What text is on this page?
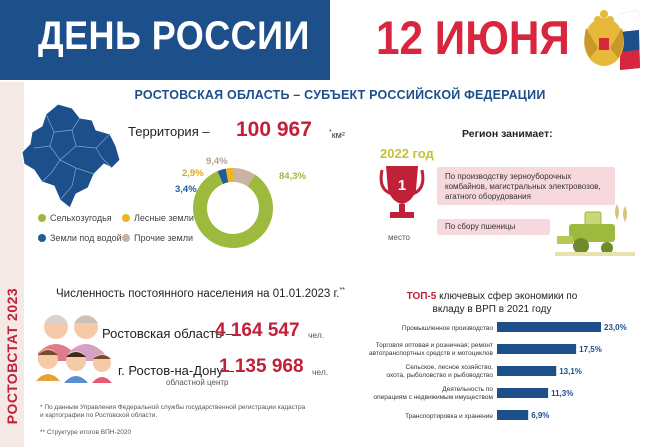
ДЕНЬ РОССИИ 12 ИЮНЯ
РОСТОВСТАТ 2023
РОСТОВСКАЯ ОБЛАСТЬ – СУБЪЕКТ РОССИЙСКОЙ ФЕДЕРАЦИИ
Территория – 100 967 *км²
84,3%
3,4%
2,9%
9,4%
Сельхозугодья
Земли под водой
Лесные земли
Прочие земли
Регион занимает:
2022 год
1
место
По производству зерноуборочных комбайнов, магистральных электровозов, агатного оборудования
По сбору пшеницы
Численность постоянного населения на 01.01.2023 г.**
Ростовская область –
4 164 547 чел.
г. Ростов-на-Дону –
1 135 968 чел.
областной центр
* По данным Управления Федеральной службы государственной регистрации кадастра и картографии по Ростовской области.
** Структуре итогов ВПН-2020
ТОП-5 ключевых сфер экономики по вкладу в ВРП в 2021 году
Промышленное производство	23,0%
Торговля оптовая и розничная; ремонт
автотранспортных средств и мотоциклов	17,5%
Сельское, лесное хозяйство,
охота, рыболовство и рыбоводство	13,1%
Деятельность по
операциям с недвижимым имуществом	11,3%
Транспортировка и хранение	6,9%
